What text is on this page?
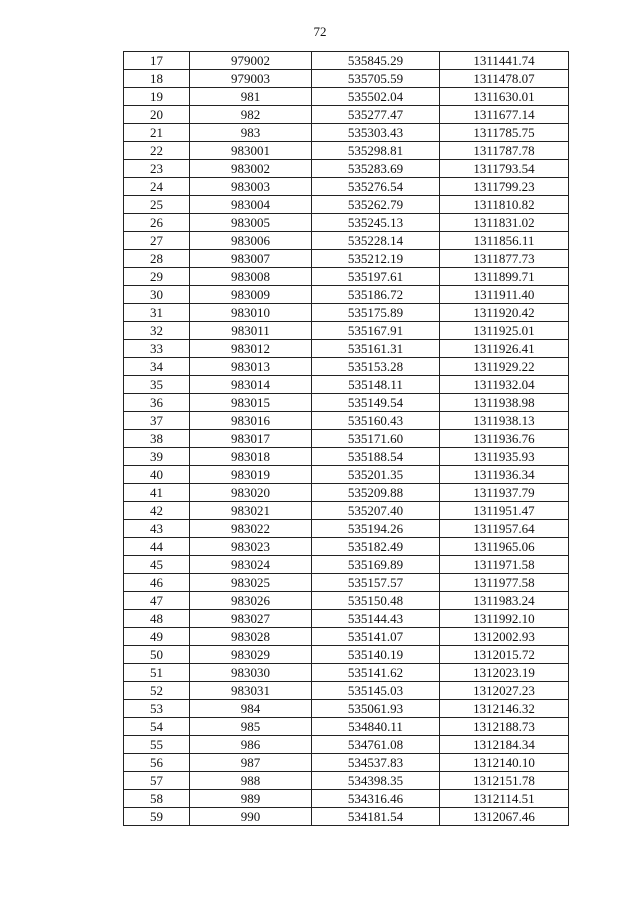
72
17	979002	535845.29	1311441.74
18	979003	535705.59	1311478.07
19	981	535502.04	1311630.01
20	982	535277.47	1311677.14
21	983	535303.43	1311785.75
22	983001	535298.81	1311787.78
23	983002	535283.69	1311793.54
24	983003	535276.54	1311799.23
25	983004	535262.79	1311810.82
26	983005	535245.13	1311831.02
27	983006	535228.14	1311856.11
28	983007	535212.19	1311877.73
29	983008	535197.61	1311899.71
30	983009	535186.72	1311911.40
31	983010	535175.89	1311920.42
32	983011	535167.91	1311925.01
33	983012	535161.31	1311926.41
34	983013	535153.28	1311929.22
35	983014	535148.11	1311932.04
36	983015	535149.54	1311938.98
37	983016	535160.43	1311938.13
38	983017	535171.60	1311936.76
39	983018	535188.54	1311935.93
40	983019	535201.35	1311936.34
41	983020	535209.88	1311937.79
42	983021	535207.40	1311951.47
43	983022	535194.26	1311957.64
44	983023	535182.49	1311965.06
45	983024	535169.89	1311971.58
46	983025	535157.57	1311977.58
47	983026	535150.48	1311983.24
48	983027	535144.43	1311992.10
49	983028	535141.07	1312002.93
50	983029	535140.19	1312015.72
51	983030	535141.62	1312023.19
52	983031	535145.03	1312027.23
53	984	535061.93	1312146.32
54	985	534840.11	1312188.73
55	986	534761.08	1312184.34
56	987	534537.83	1312140.10
57	988	534398.35	1312151.78
58	989	534316.46	1312114.51
59	990	534181.54	1312067.46
